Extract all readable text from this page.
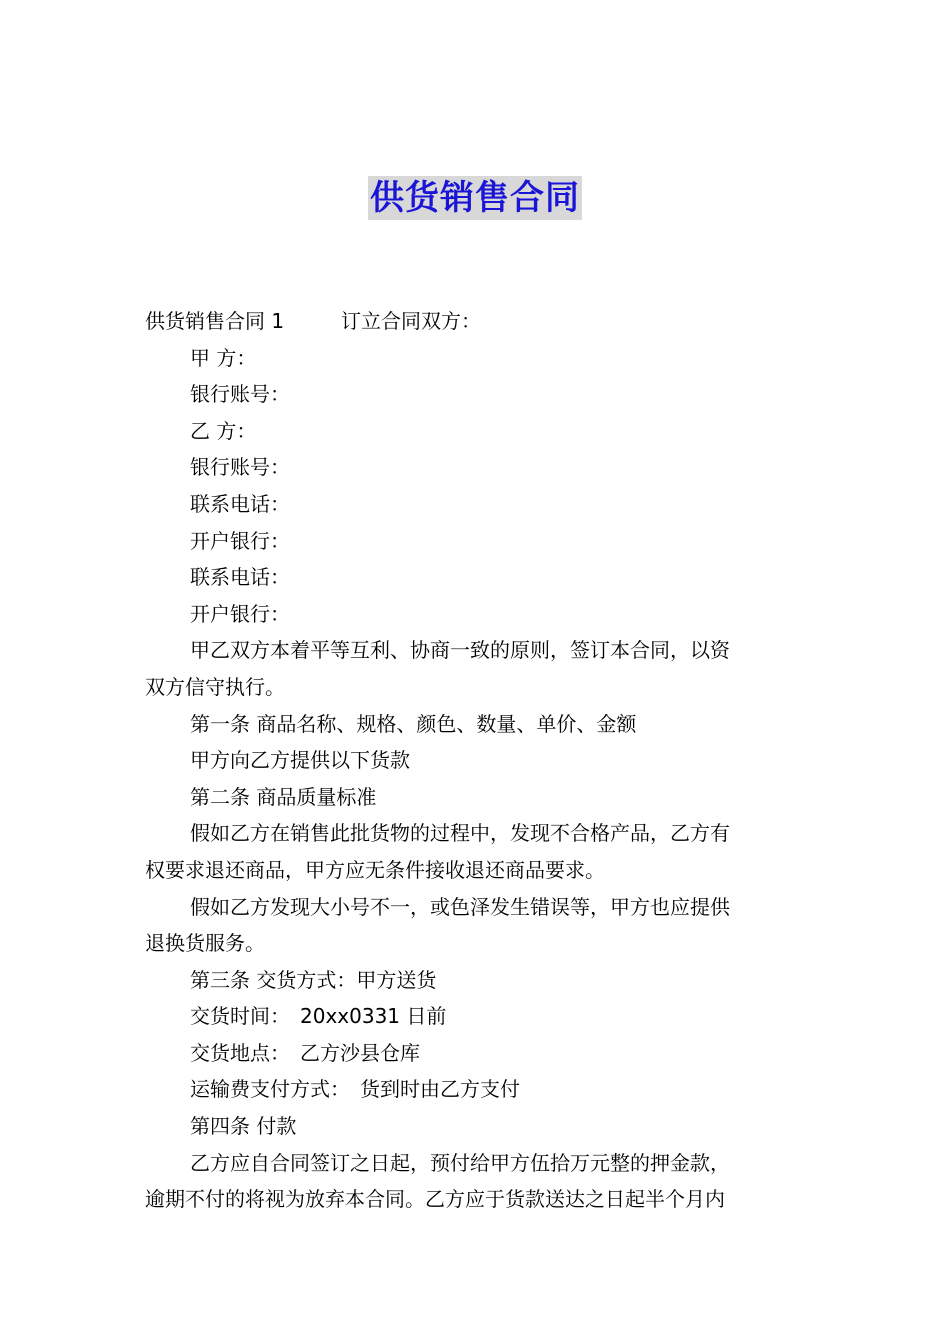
供货销售合同
供货销售合同 1	订立合同双方：
甲 方：
银行账号：
乙 方：
银行账号：
联系电话：
开户银行：
联系电话：
开户银行：
甲乙双方本着平等互利、协商一致的原则，签订本合同，以资
双方信守执行。
第一条 商品名称、规格、颜色、数量、单价、金额
甲方向乙方提供以下货款
第二条 商品质量标准
假如乙方在销售此批货物的过程中，发现不合格产品，乙方有
权要求退还商品，甲方应无条件接收退还商品要求。
假如乙方发现大小号不一，或色泽发生错误等，甲方也应提供
退换货服务。
第三条 交货方式：甲方送货
交货时间： 20xx0331 日前
交货地点： 乙方沙县仓库
运输费支付方式： 货到时由乙方支付
第四条 付款
乙方应自合同签订之日起，预付给甲方伍拾万元整的押金款，
逾期不付的将视为放弃本合同。乙方应于货款送达之日起半个月内
